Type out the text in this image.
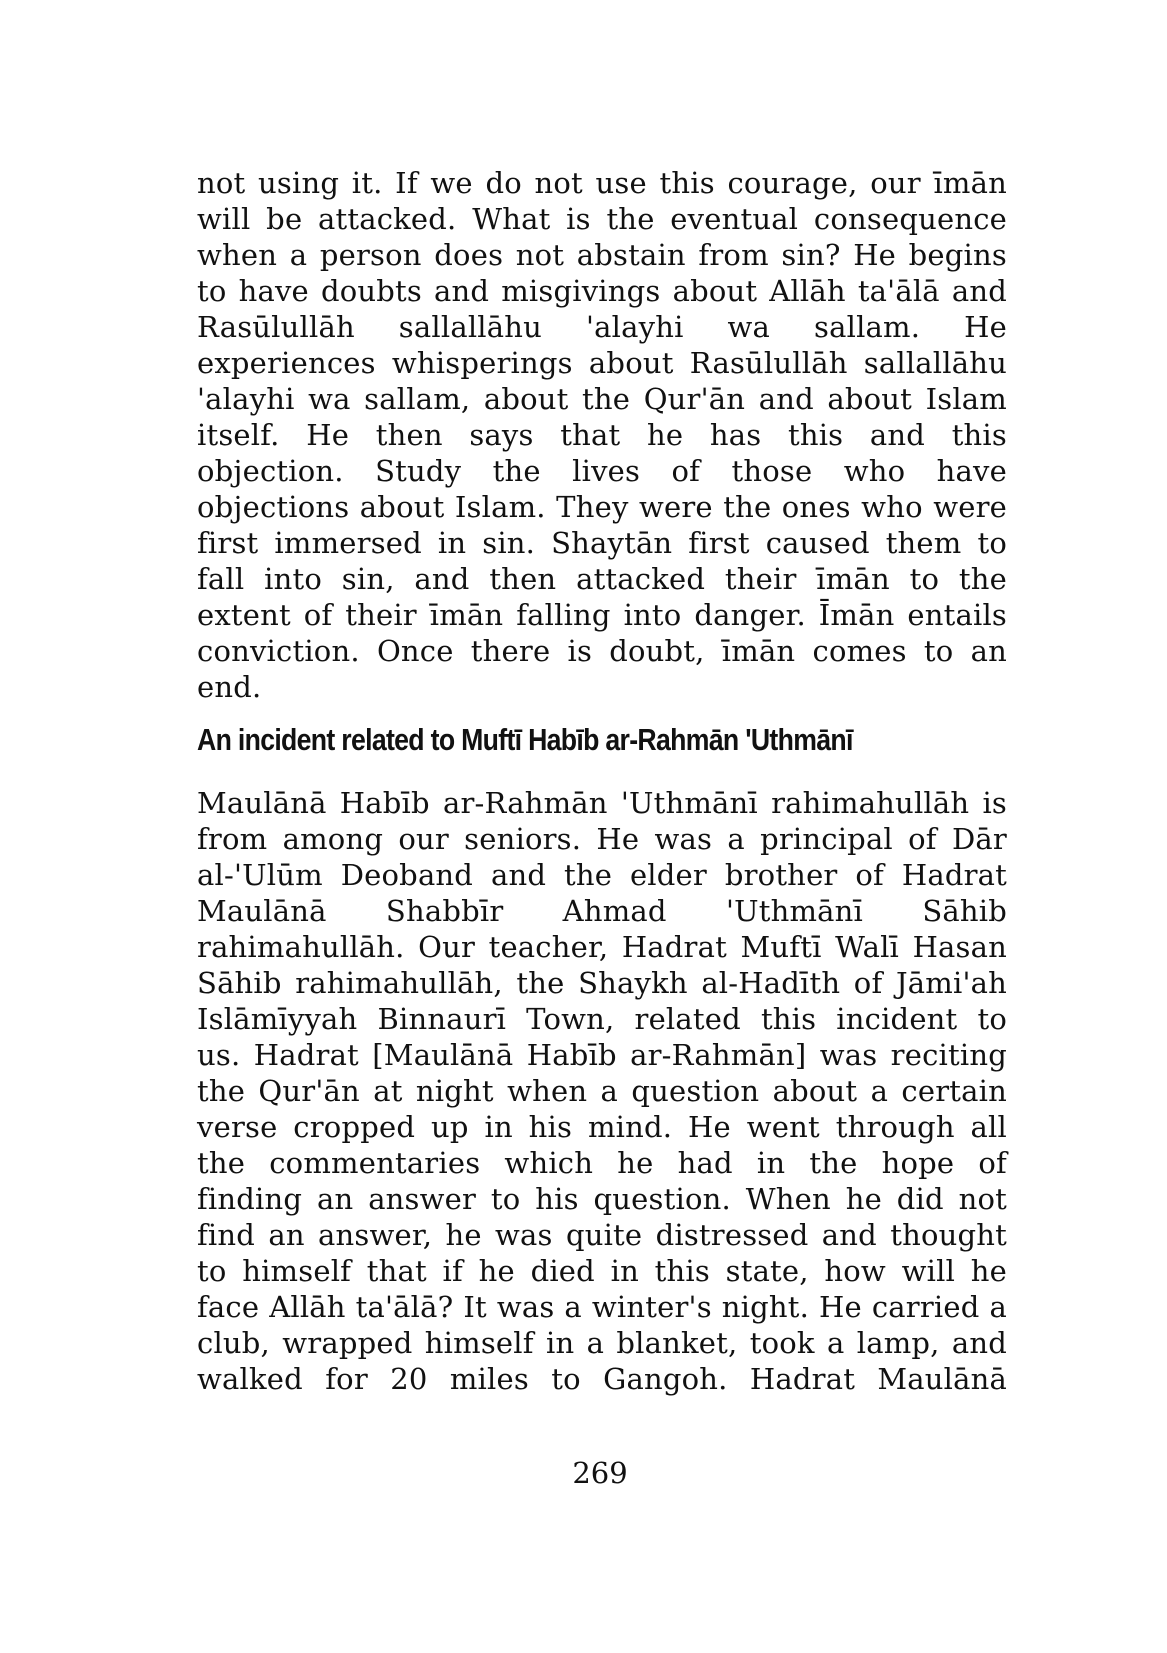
not using it. If we do not use this courage, our īmān
will be attacked. What is the eventual consequence
when a person does not abstain from sin? He begins
to have doubts and misgivings about Allāh ta'ālā and
Rasūlullāh sallallāhu 'alayhi wa sallam. He
experiences whisperings about Rasūlullāh sallallāhu
'alayhi wa sallam, about the Qur'ān and about Islam
itself. He then says that he has this and this
objection. Study the lives of those who have
objections about Islam. They were the ones who were
first immersed in sin. Shaytān first caused them to
fall into sin, and then attacked their īmān to the
extent of their īmān falling into danger. Īmān entails
conviction. Once there is doubt, īmān comes to an
end.
An incident related to Muftī Habīb ar-Rahmān 'Uthmānī
Maulānā Habīb ar-Rahmān 'Uthmānī rahimahullāh is
from among our seniors. He was a principal of Dār
al-'Ulūm Deoband and the elder brother of Hadrat
Maulānā Shabbīr Ahmad 'Uthmānī Sāhib
rahimahullāh. Our teacher, Hadrat Muftī Walī Hasan
Sāhib rahimahullāh, the Shaykh al-Hadīth of Jāmi'ah
Islāmīyyah Binnaurī Town, related this incident to
us. Hadrat [Maulānā Habīb ar-Rahmān] was reciting
the Qur'ān at night when a question about a certain
verse cropped up in his mind. He went through all
the commentaries which he had in the hope of
finding an answer to his question. When he did not
find an answer, he was quite distressed and thought
to himself that if he died in this state, how will he
face Allāh ta'ālā? It was a winter's night. He carried a
club, wrapped himself in a blanket, took a lamp, and
walked for 20 miles to Gangoh. Hadrat Maulānā
269
